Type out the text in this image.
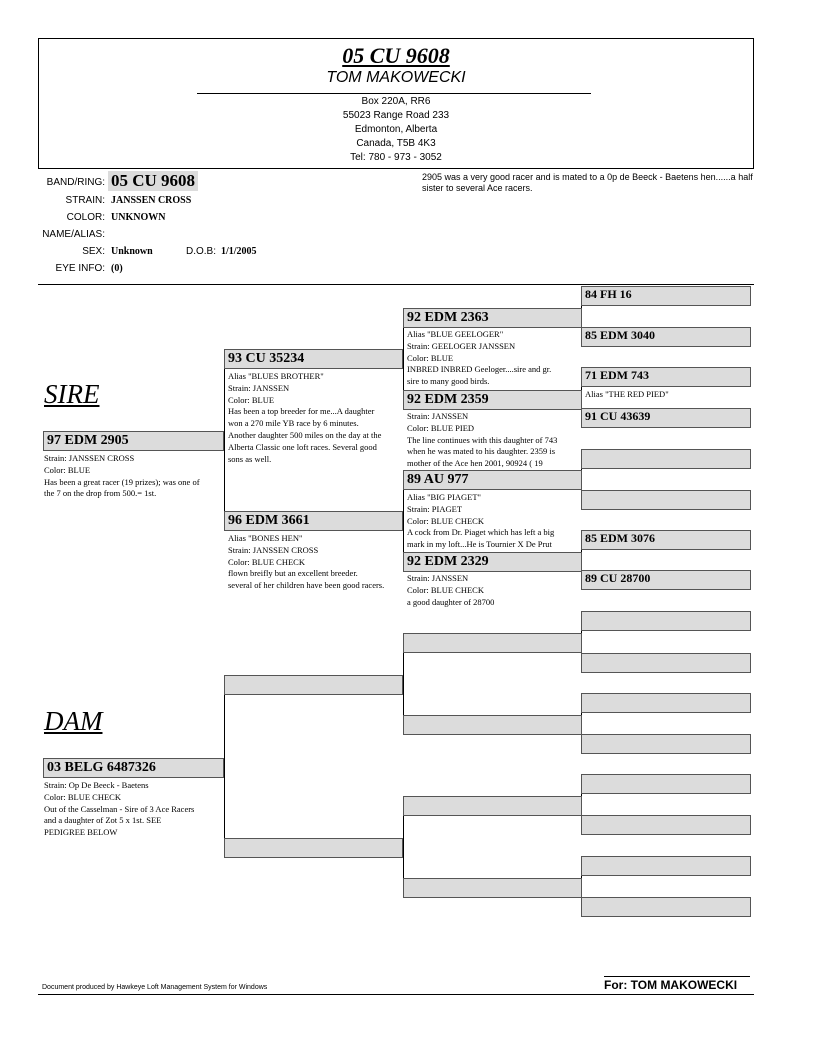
05 CU 9608
TOM MAKOWECKI
Box 220A, RR6
55023 Range Road 233
Edmonton, Alberta
Canada, T5B 4K3
Tel: 780 - 973 - 3052
BAND/RING: 05 CU 9608
STRAIN: JANSSEN CROSS
COLOR: UNKNOWN
NAME/ALIAS:
SEX: Unknown	D.O.B: 1/1/2005
EYE INFO: (0)
2905 was a very good racer and is mated to a 0p de Beeck - Baetens hen......a half sister to several Ace racers.
SIRE
DAM
97 EDM 2905
Strain: JANSSEN CROSS
Color: BLUE
Has been a great racer (19 prizes); was one of
the 7 on the drop from 500.= 1st.
03 BELG 6487326
Strain: Op De Beeck - Baetens
Color: BLUE CHECK
Out of the Casselman - Sire of 3 Ace Racers
and a daughter of Zot 5 x 1st. SEE
PEDIGREE BELOW
93 CU 35234
Alias "BLUES BROTHER"
Strain: JANSSEN
Color: BLUE
Has been a top breeder for me...A daughter
won a 270 mile YB race by 6 minutes.
Another daughter 500 miles on the day at the
Alberta Classic one loft races. Several good
sons as well.
96 EDM 3661
Alias "BONES HEN"
Strain: JANSSEN CROSS
Color: BLUE CHECK
flown breifly but an excellent breeder.
several of her children have been good racers.
92 EDM 2363
Alias "BLUE GEELOGER"
Strain: GEELOGER JANSSEN
Color: BLUE
INBRED INBRED Geeloger....sire and gr.
sire to many good birds.
92 EDM 2359
Strain: JANSSEN
Color: BLUE PIED
The line continues with this daughter of 743
when he was mated to his daughter. 2359 is
mother of the Ace hen 2001, 90924 ( 19
89 AU 977
Alias "BIG PIAGET"
Strain: PIAGET
Color: BLUE CHECK
A cock from Dr. Piaget which has left a big
mark in my loft...He is Tournier X De Prut
92 EDM 2329
Strain: JANSSEN
Color: BLUE CHECK
a good daughter of 28700
84 FH 16
85 EDM 3040
71 EDM 743
Alias "THE RED PIED"
91 CU 43639
85 EDM 3076
89 CU 28700
Document produced by Hawkeye Loft Management System for Windows	For: TOM MAKOWECKI
